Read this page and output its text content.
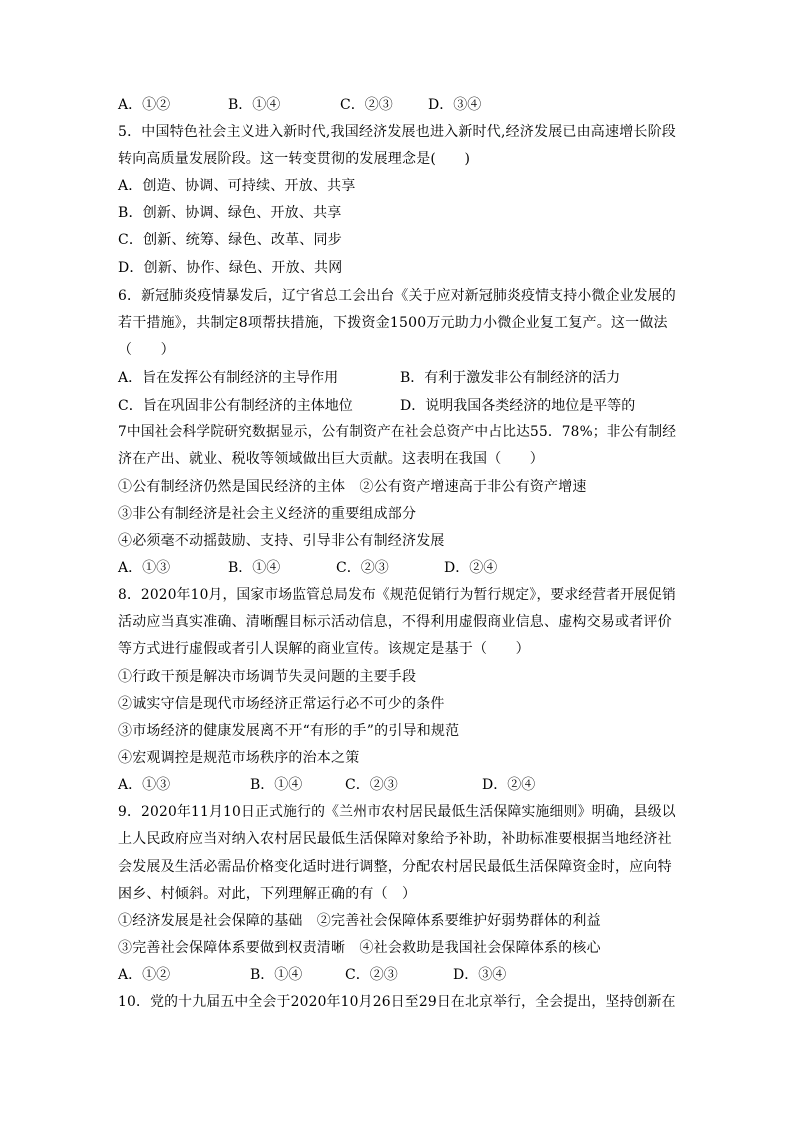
A．①②	B．①④	C．②③	D．③④
5．中国特色社会主义进入新时代,我国经济发展也进入新时代,经济发展已由高速增长阶段
转向高质量发展阶段。这一转变贯彻的发展理念是(　　)
A．创造、协调、可持续、开放、共享
B．创新、协调、绿色、开放、共享
C．创新、统筹、绿色、改革、同步
D．创新、协作、绿色、开放、共网
6．新冠肺炎疫情暴发后，辽宁省总工会出台《关于应对新冠肺炎疫情支持小微企业发展的
若干措施》，共制定8项帮扶措施，下拨资金1500万元助力小微企业复工复产。这一做法
（　　）
A．旨在发挥公有制经济的主导作用	B．有利于激发非公有制经济的活力
C．旨在巩固非公有制经济的主体地位	D．说明我国各类经济的地位是平等的
7中国社会科学院研究数据显示，公有制资产在社会总资产中占比达55．78%；非公有制经
济在产出、就业、税收等领域做出巨大贡献。这表明在我国（　　）
①公有制经济仍然是国民经济的主体　②公有资产增速高于非公有资产增速
③非公有制经济是社会主义经济的重要组成部分
④必须毫不动摇鼓励、支持、引导非公有制经济发展
A．①③	B．①④	C．②③	D．②④
8．2020年10月，国家市场监管总局发布《规范促销行为暂行规定》，要求经营者开展促销
活动应当真实准确、清晰醒目标示活动信息，不得利用虚假商业信息、虚构交易或者评价
等方式进行虚假或者引人误解的商业宣传。该规定是基于（　　）
①行政干预是解决市场调节失灵问题的主要手段
②诚实守信是现代市场经济正常运行必不可少的条件
③市场经济的健康发展离不开“有形的手”的引导和规范
④宏观调控是规范市场秩序的治本之策
A．①③	B．①④	C．②③	D．②④
9．2020年11月10日正式施行的《兰州市农村居民最低生活保障实施细则》明确，县级以
上人民政府应当对纳入农村居民最低生活保障对象给予补助，补助标准要根据当地经济社
会发展及生活必需品价格变化适时进行调整，分配农村居民最低生活保障资金时，应向特
困乡、村倾斜。对此，下列理解正确的有（　）
①经济发展是社会保障的基础　②完善社会保障体系要维护好弱势群体的利益
③完善社会保障体系要做到权责清晰　④社会救助是我国社会保障体系的核心
A．①②	B．①④	C．②③	D．③④
10．党的十九届五中全会于2020年10月26日至29日在北京举行，全会提出，坚持创新在
